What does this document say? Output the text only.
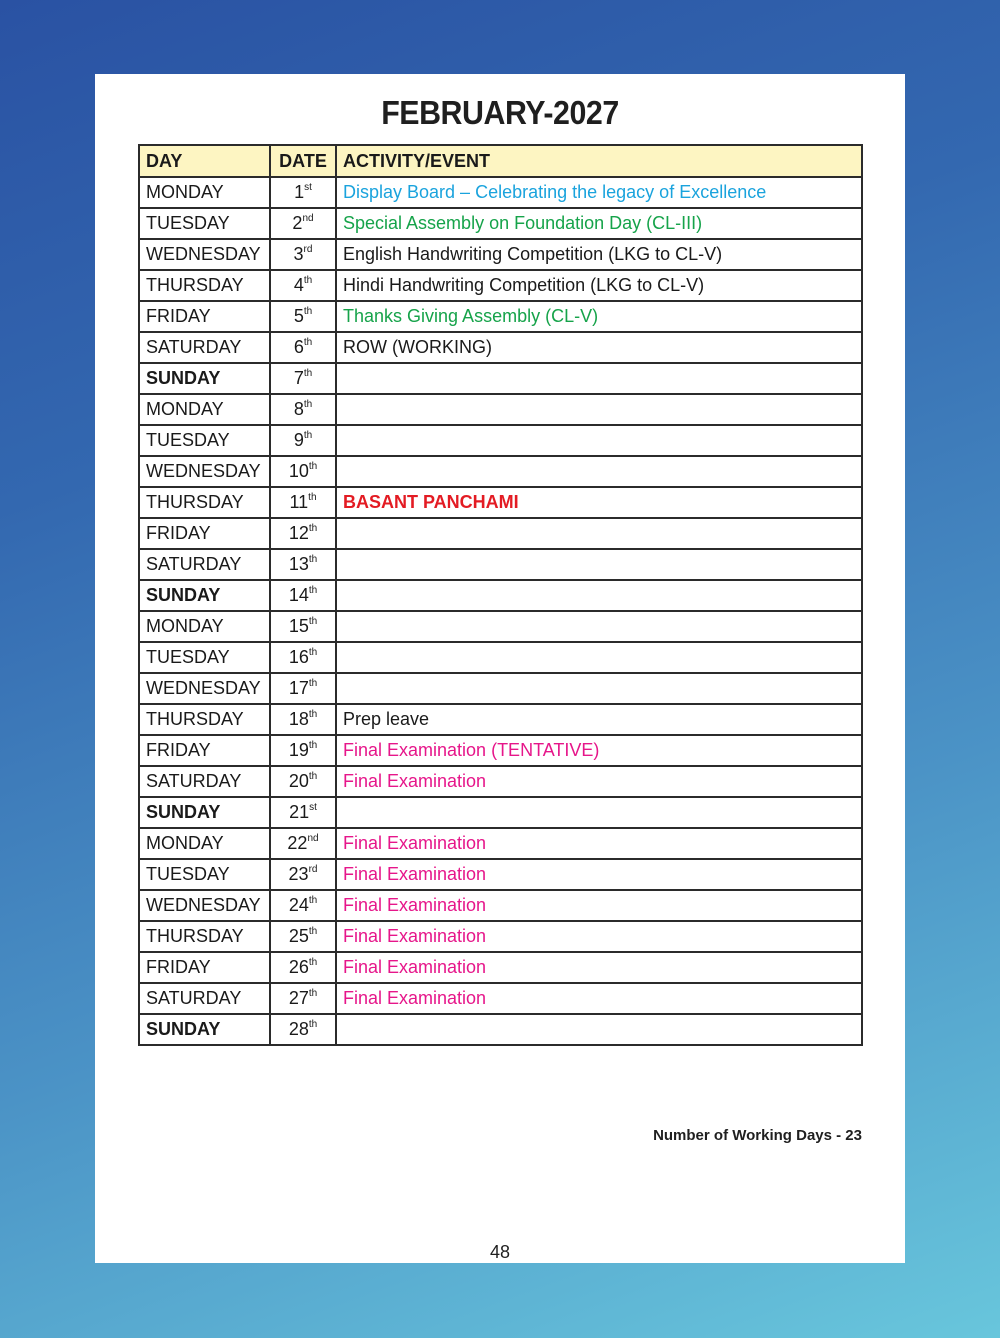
FEBRUARY-2027
DAY	DATE	ACTIVITY/EVENT
MONDAY	1st	Display Board – Celebrating the legacy of Excellence
TUESDAY	2nd	Special Assembly on Foundation Day (CL-III)
WEDNESDAY	3rd	English Handwriting Competition (LKG to CL-V)
THURSDAY	4th	Hindi Handwriting Competition (LKG to CL-V)
FRIDAY	5th	Thanks Giving Assembly (CL-V)
SATURDAY	6th	ROW (WORKING)
SUNDAY	7th	
MONDAY	8th	
TUESDAY	9th	
WEDNESDAY	10th	
THURSDAY	11th	BASANT PANCHAMI
FRIDAY	12th	
SATURDAY	13th	
SUNDAY	14th	
MONDAY	15th	
TUESDAY	16th	
WEDNESDAY	17th	
THURSDAY	18th	Prep leave
FRIDAY	19th	Final Examination (TENTATIVE)
SATURDAY	20th	Final Examination
SUNDAY	21st	
MONDAY	22nd	Final Examination
TUESDAY	23rd	Final Examination
WEDNESDAY	24th	Final Examination
THURSDAY	25th	Final Examination
FRIDAY	26th	Final Examination
SATURDAY	27th	Final Examination
SUNDAY	28th	
Number of Working Days - 23
48
